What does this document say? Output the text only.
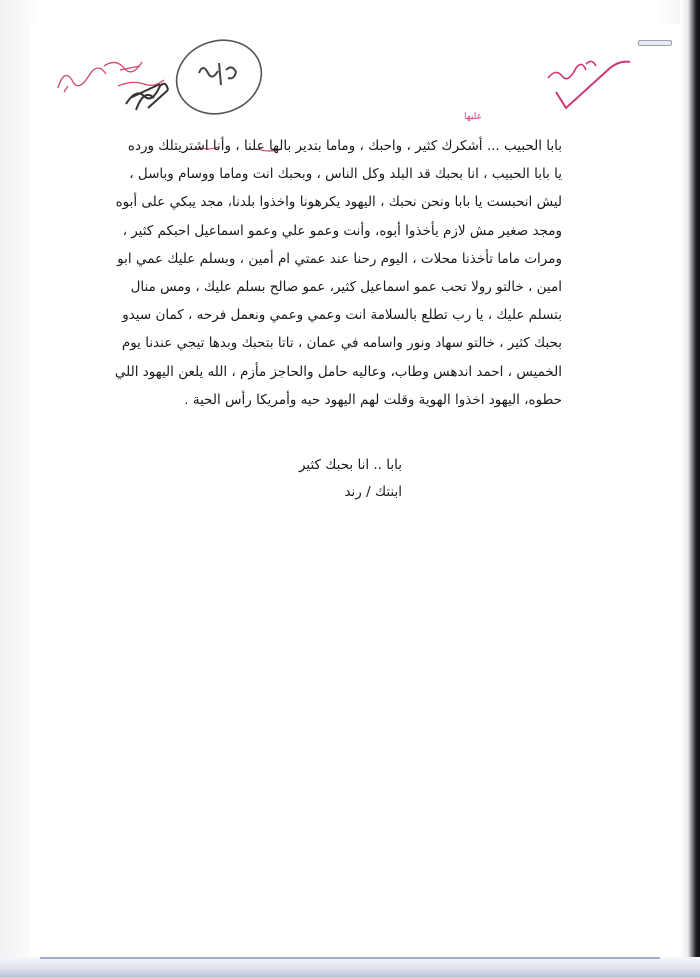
عليها
بابا الحبيب ... أشكرك كثير ، واحبك ، وماما بتدير بالها علنا ، وأنا اشتريتلك ورده
يا بابا الحبيب ، انا بحبك قد البلد وكل الناس ، وبحبك انت وماما ووسام وباسل ،
ليش انحبست يا بابا ونحن نحبك ، اليهود يكرهونا واخذوا بلدنا، مجد يبكي على أبوه
ومجد صغير مش لازم يأخذوا أبوه، وأنت وعمو علي وعمو اسماعيل احبكم كثير ،
ومرات ماما تأخذنا محلات ، اليوم رحنا عند عمتي ام أمين ، وبسلم عليك عمي ابو
امين ، خالتو رولا تحب عمو اسماعيل كثير، عمو صالح بسلم عليك ، ومس منال
بتسلم عليك ، يا رب تطلع بالسلامة انت وعمي وعمي ونعمل فرحه ، كمان سيدو
بحبك كثير ، خالتو سهاد ونور واسامه في عمان ، تاتا بتحبك وبدها تيجي عندنا يوم
الخميس ، احمد اندهس وطاب، وعاليه حامل والحاجز مأزم ، الله يلعن اليهود اللي
حطوه، اليهود اخذوا الهوية وقلت لهم اليهود حيه وأمريكا رأس الحية .
بابا .. انا بحبك كثير
ابنتك / رند
